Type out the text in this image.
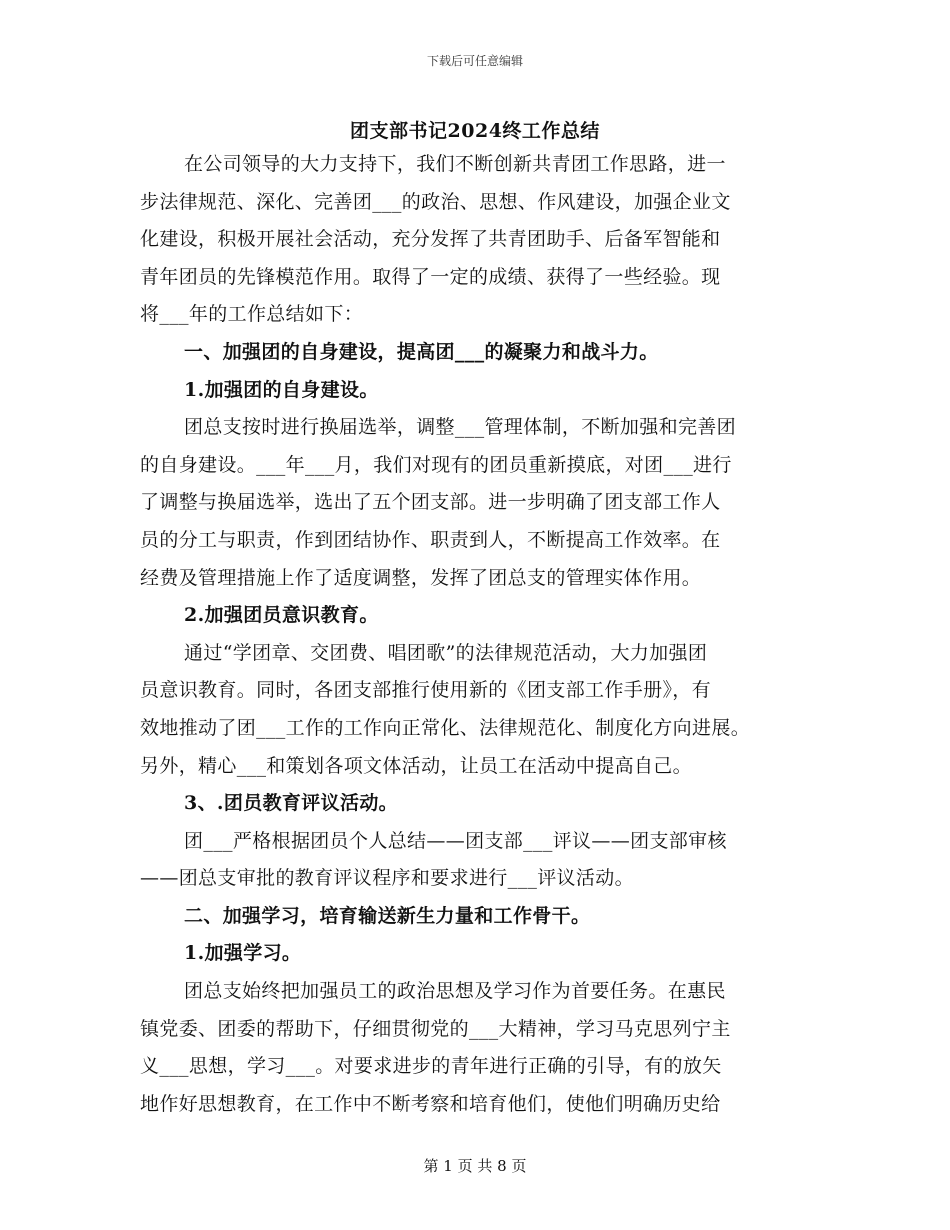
下载后可任意编辑
团支部书记2024终工作总结
在公司领导的大力支持下，我们不断创新共青团工作思路，进一
步法律规范、深化、完善团___的政治、思想、作风建设，加强企业文
化建设，积极开展社会活动，充分发挥了共青团助手、后备军智能和
青年团员的先锋模范作用。取得了一定的成绩、获得了一些经验。现
将___年的工作总结如下：
一、加强团的自身建设，提高团___的凝聚力和战斗力。
1.加强团的自身建设。
团总支按时进行换届选举，调整___管理体制，不断加强和完善团
的自身建设。___年___月，我们对现有的团员重新摸底，对团___进行
了调整与换届选举，选出了五个团支部。进一步明确了团支部工作人
员的分工与职责，作到团结协作、职责到人，不断提高工作效率。在
经费及管理措施上作了适度调整，发挥了团总支的管理实体作用。
2.加强团员意识教育。
通过“学团章、交团费、唱团歌”的法律规范活动，大力加强团
员意识教育。同时，各团支部推行使用新的《团支部工作手册》，有
效地推动了团___工作的工作向正常化、法律规范化、制度化方向进展。
另外，精心___和策划各项文体活动，让员工在活动中提高自己。
3、.团员教育评议活动。
团___严格根据团员个人总结——团支部___评议——团支部审核
——团总支审批的教育评议程序和要求进行___评议活动。
二、加强学习，培育输送新生力量和工作骨干。
1.加强学习。
团总支始终把加强员工的政治思想及学习作为首要任务。在惠民
镇党委、团委的帮助下，仔细贯彻党的___大精神，学习马克思列宁主
义___思想，学习___。对要求进步的青年进行正确的引导，有的放矢
地作好思想教育，在工作中不断考察和培育他们，使他们明确历史给
第 1 页 共 8 页
